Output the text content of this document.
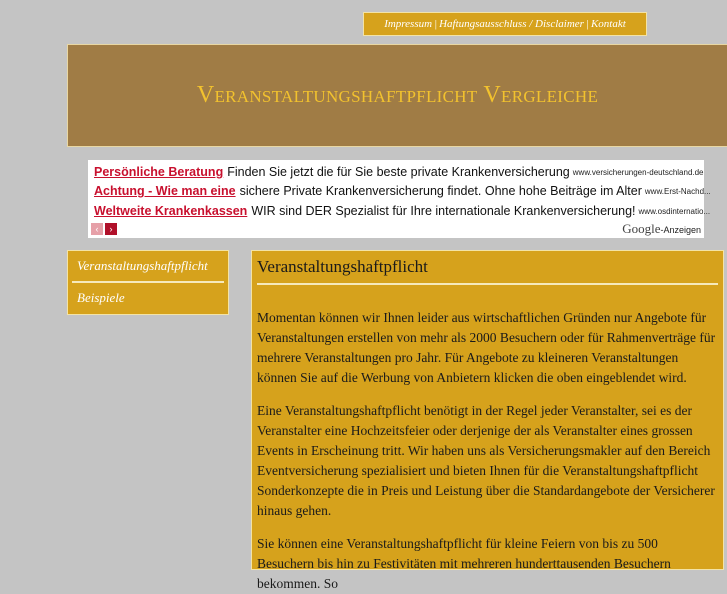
Impressum | Haftungsausschluss / Disclaimer | Kontakt
Veranstaltungshaftpflicht Vergleiche
Persönliche Beratung Finden Sie jetzt die für Sie beste private Krankenversicherung www.versicherungen-deutschland.de
Achtung - Wie man eine sichere Private Krankenversicherung findet. Ohne hohe Beiträge im Alter www.Erst-Nachd...
Weltweite Krankenkassen WIR sind DER Spezialist für Ihre internationale Krankenversicherung! www.osdinternatio...
‹	›	Google -Anzeigen
Veranstaltungshaftpflicht
Beispiele
Veranstaltungshaftpflicht

Momentan können wir Ihnen leider aus wirtschaftlichen Gründen nur Angebote für Veranstaltungen erstellen von mehr als 2000 Besuchern oder für Rahmenverträge für mehrere Veranstaltungen pro Jahr. Für Angebote zu kleineren Veranstaltungen können Sie auf die Werbung von Anbietern klicken die oben eingeblendet wird.

Eine Veranstaltungshaftpflicht benötigt in der Regel jeder Veranstalter, sei es der Veranstalter eine Hochzeitsfeier oder derjenige der als Veranstalter eines grossen Events in Erscheinung tritt. Wir haben uns als Versicherungsmakler auf den Bereich Eventversicherung spezialisiert und bieten Ihnen für die Veranstaltungshaftpflicht Sonderkonzepte die in Preis und Leistung über die Standardangebote der Versicherer hinaus gehen.

Sie können eine Veranstaltungshaftpflicht für kleine Feiern von bis zu 500 Besuchern bis hin zu Festivitäten mit mehreren hunderttausenden Besuchern bekommen. So
